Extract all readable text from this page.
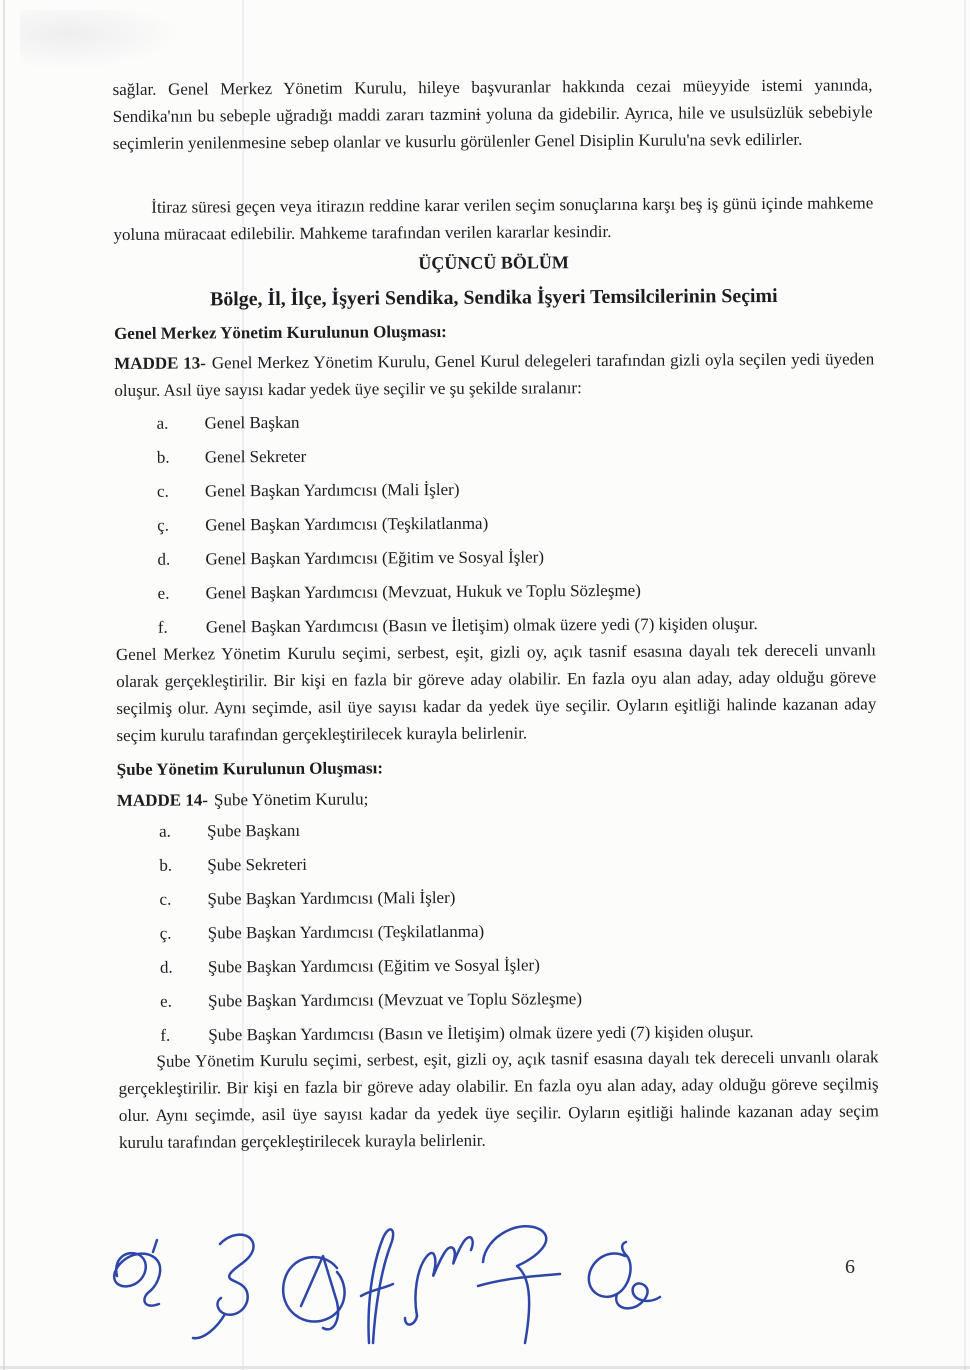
sağlar. Genel Merkez Yönetim Kurulu, hileye başvuranlar hakkında cezai müeyyide istemi yanında, Sendika'nın bu sebeple uğradığı maddi zararı tazmini yoluna da gidebilir. Ayrıca, hile ve usulsüzlük sebebiyle seçimlerin yenilenmesine sebep olanlar ve kusurlu görülenler Genel Disiplin Kurulu'na sevk edilirler.

İtiraz süresi geçen veya itirazın reddine karar verilen seçim sonuçlarına karşı beş iş günü içinde mahkeme yoluna müracaat edilebilir. Mahkeme tarafından verilen kararlar kesindir.

ÜÇÜNCÜ BÖLÜM
Bölge, İl, İlçe, İşyeri Sendika, Sendika İşyeri Temsilcilerinin Seçimi
Genel Merkez Yönetim Kurulunun Oluşması:

MADDE 13- Genel Merkez Yönetim Kurulu, Genel Kurul delegeleri tarafından gizli oyla seçilen yedi üyeden oluşur. Asıl üye sayısı kadar yedek üye seçilir ve şu şekilde sıralanır:

a.	Genel Başkan
b.	Genel Sekreter
c.	Genel Başkan Yardımcısı (Mali İşler)
ç.	Genel Başkan Yardımcısı (Teşkilatlanma)
d.	Genel Başkan Yardımcısı (Eğitim ve Sosyal İşler)
e.	Genel Başkan Yardımcısı (Mevzuat, Hukuk ve Toplu Sözleşme)
f.	Genel Başkan Yardımcısı (Basın ve İletişim) olmak üzere yedi (7) kişiden oluşur.

Genel Merkez Yönetim Kurulu seçimi, serbest, eşit, gizli oy, açık tasnif esasına dayalı tek dereceli unvanlı olarak gerçekleştirilir. Bir kişi en fazla bir göreve aday olabilir. En fazla oyu alan aday, aday olduğu göreve seçilmiş olur. Aynı seçimde, asil üye sayısı kadar da yedek üye seçilir. Oyların eşitliği halinde kazanan aday seçim kurulu tarafından gerçekleştirilecek kurayla belirlenir.

Şube Yönetim Kurulunun Oluşması:

MADDE 14- Şube Yönetim Kurulu;

a.	Şube Başkanı
b.	Şube Sekreteri
c.	Şube Başkan Yardımcısı (Mali İşler)
ç.	Şube Başkan Yardımcısı (Teşkilatlanma)
d.	Şube Başkan Yardımcısı (Eğitim ve Sosyal İşler)
e.	Şube Başkan Yardımcısı (Mevzuat ve Toplu Sözleşme)
f.	Şube Başkan Yardımcısı (Basın ve İletişim) olmak üzere yedi (7) kişiden oluşur.

Şube Yönetim Kurulu seçimi, serbest, eşit, gizli oy, açık tasnif esasına dayalı tek dereceli unvanlı olarak gerçekleştirilir. Bir kişi en fazla bir göreve aday olabilir. En fazla oyu alan aday, aday olduğu göreve seçilmiş olur. Aynı seçimde, asil üye sayısı kadar da yedek üye seçilir. Oyların eşitliği halinde kazanan aday seçim kurulu tarafından gerçekleştirilecek kurayla belirlenir.

6
